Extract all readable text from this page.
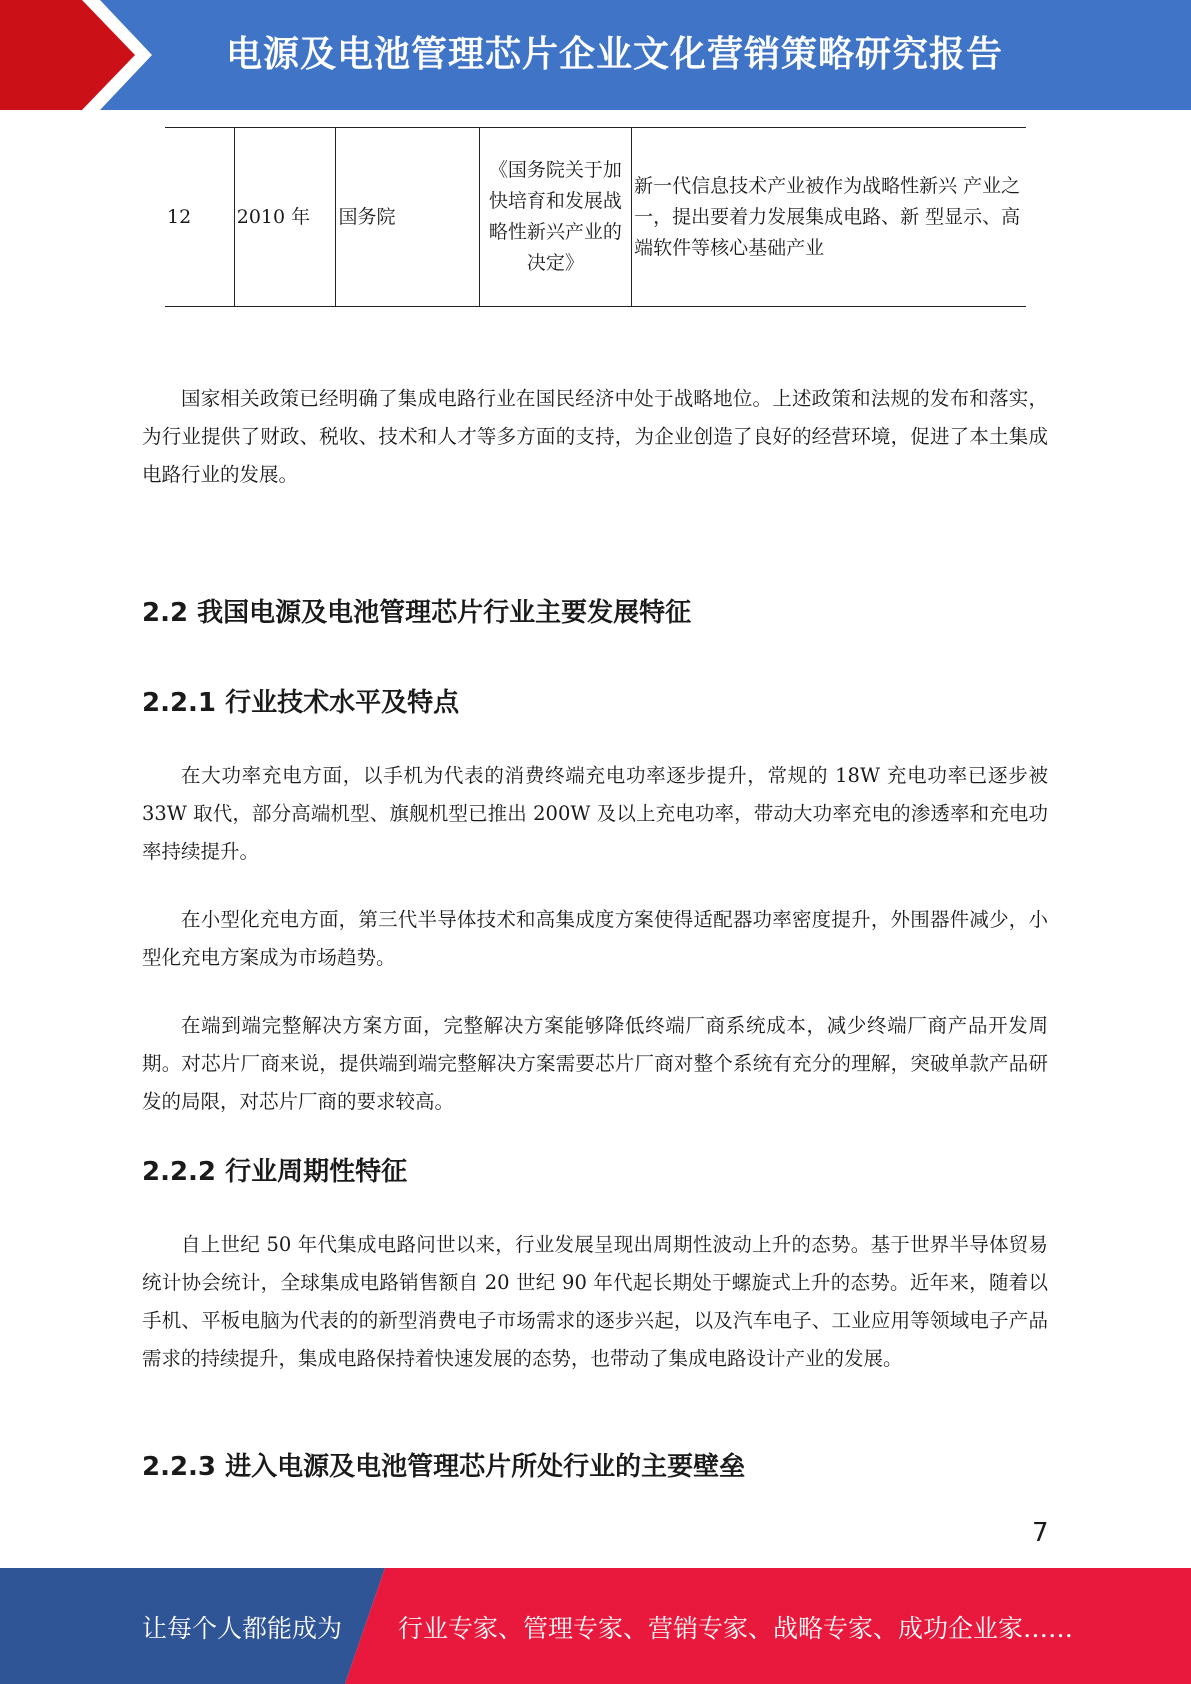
电源及电池管理芯片企业文化营销策略研究报告
12	2010 年	国务院	《国务院关于加快培育和发展战略性新兴产业的决定》	新一代信息技术产业被作为战略性新兴 产业之一，提出要着力发展集成电路、新 型显示、高端软件等核心基础产业

国家相关政策已经明确了集成电路行业在国民经济中处于战略地位。上述政策和法规的发布和落实，为行业提供了财政、税收、技术和人才等多方面的支持，为企业创造了良好的经营环境，促进了本土集成电路行业的发展。

2.2 我国电源及电池管理芯片行业主要发展特征
2.2.1 行业技术水平及特点

在大功率充电方面，以手机为代表的消费终端充电功率逐步提升，常规的 18W 充电功率已逐步被 33W 取代，部分高端机型、旗舰机型已推出 200W 及以上充电功率，带动大功率充电的渗透率和充电功率持续提升。

在小型化充电方面，第三代半导体技术和高集成度方案使得适配器功率密度提升，外围器件减少，小型化充电方案成为市场趋势。

在端到端完整解决方案方面，完整解决方案能够降低终端厂商系统成本，减少终端厂商产品开发周期。对芯片厂商来说，提供端到端完整解决方案需要芯片厂商对整个系统有充分的理解，突破单款产品研发的局限，对芯片厂商的要求较高。

2.2.2 行业周期性特征

自上世纪 50 年代集成电路问世以来，行业发展呈现出周期性波动上升的态势。基于世界半导体贸易统计协会统计，全球集成电路销售额自 20 世纪 90 年代起长期处于螺旋式上升的态势。近年来，随着以手机、平板电脑为代表的的新型消费电子市场需求的逐步兴起，以及汽车电子、工业应用等领域电子产品需求的持续提升，集成电路保持着快速发展的态势，也带动了集成电路设计产业的发展。

2.2.3 进入电源及电池管理芯片所处行业的主要壁垒
7
让每个人都能成为 行业专家、管理专家、营销专家、战略专家、成功企业家……
